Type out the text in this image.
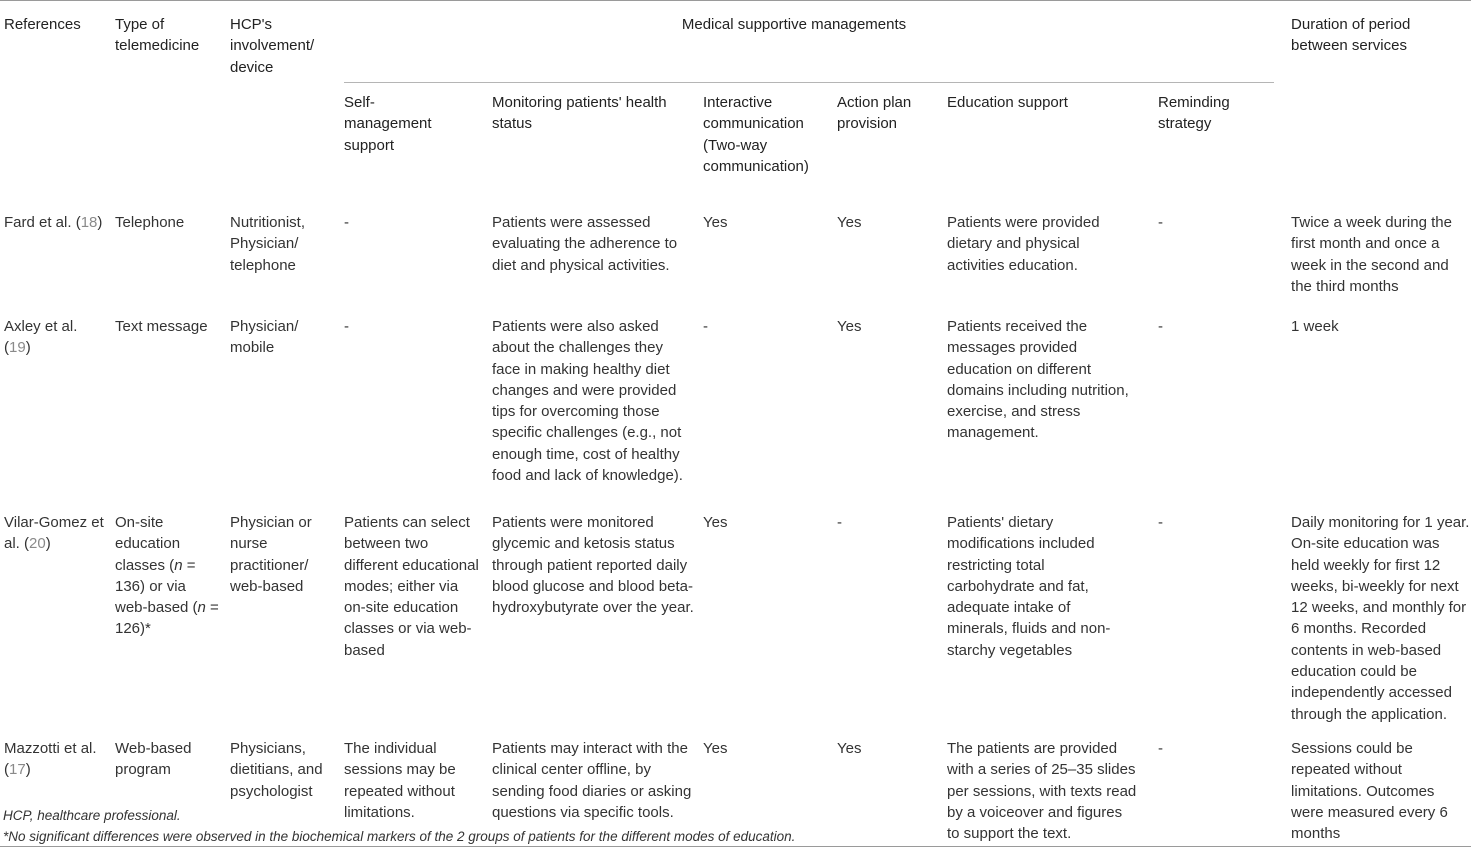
References	Type of telemedicine	HCP's involvement/ device	Medical supportive managements							Duration of period between services
			Self-management support	Monitoring patients' health status	Interactive communication (Two-way communication)	Action plan provision	Education support	Reminding strategy		
Fard et al. (18)	Telephone	Nutritionist, Physician/ telephone	-	Patients were assessed evaluating the adherence to diet and physical activities.	Yes	Yes	Patients were provided dietary and physical activities education.	-		Twice a week during the first month and once a week in the second and the third months
Axley et al. (19)	Text message	Physician/ mobile	-	Patients were also asked about the challenges they face in making healthy diet changes and were provided tips for overcoming those specific challenges (e.g., not enough time, cost of healthy food and lack of knowledge).	-	Yes	Patients received the messages provided education on different domains including nutrition, exercise, and stress management.	-		1 week
Vilar-Gomez et al. (20)	On-site education classes (n = 136) or via web-based (n = 126)*	Physician or nurse practitioner/ web-based	Patients can select between two different educational modes; either via on-site education classes or via web-based	Patients were monitored glycemic and ketosis status through patient reported daily blood glucose and blood beta-hydroxybutyrate over the year.	Yes	-	Patients' dietary modifications included restricting total carbohydrate and fat, adequate intake of minerals, fluids and non-starchy vegetables	-		Daily monitoring for 1 year. On-site education was held weekly for first 12 weeks, bi-weekly for next 12 weeks, and monthly for 6 months. Recorded contents in web-based education could be independently accessed through the application.
Mazzotti et al. (17)	Web-based program	Physicians, dietitians, and psychologist	The individual sessions may be repeated without limitations.	Patients may interact with the clinical center offline, by sending food diaries or asking questions via specific tools.	Yes	Yes	The patients are provided with a series of 25–35 slides per sessions, with texts read by a voiceover and figures to support the text.	-		Sessions could be repeated without limitations. Outcomes were measured every 6 months
HCP, healthcare professional.
*No significant differences were observed in the biochemical markers of the 2 groups of patients for the different modes of education.
